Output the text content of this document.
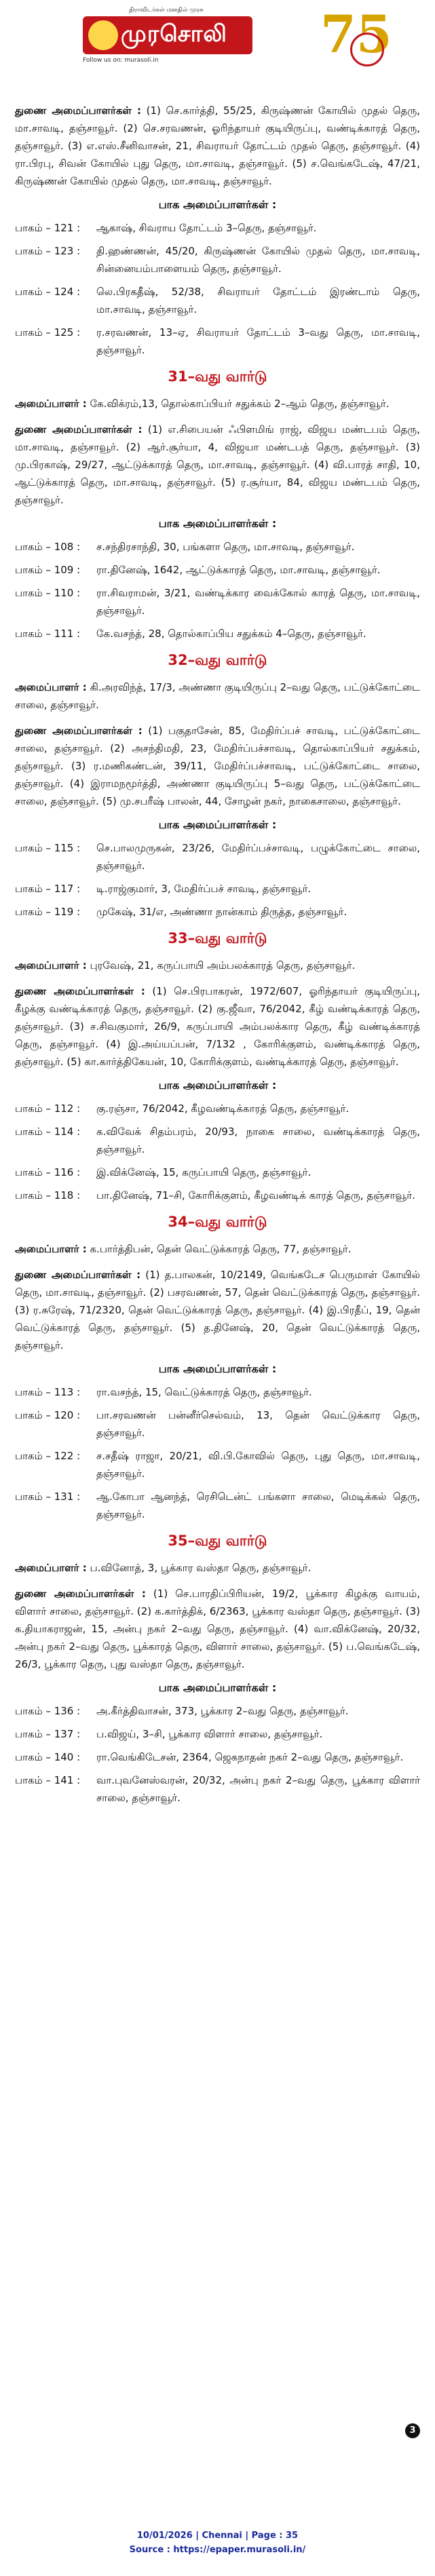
திராவிடர்கள் மனதில் முரசு
முரசொலி
Follow us on: murasoli.in	75

துணை அமைப்பாளர்கள் : (1) செ.கார்த்தி, 55/25, கிருஷ்ணன் கோயில் முதல் தெரு, மா.சாவடி, தஞ்சாவூர். (2) செ.சரவணன், ஓரிந்தாயர் குடியிருப்பு, வண்டிக்காரத் தெரு, தஞ்சாவூர். (3) எ.எஸ்.சீனிவாசன், 21, சிவராயர் தோட்டம் முதல் தெரு, தஞ்சாவூர். (4) ரா.பிரபு, சிவன் கோயில் புது தெரு, மா.சாவடி, தஞ்சாவூர். (5) ச.வெங்கடேஷ், 47/21, கிருஷ்ணன் கோயில் முதல் தெரு, மா.சாவடி, தஞ்சாவூர்.

பாக அமைப்பாளர்கள் :
பாகம் – 121 :	ஆகாஷ், சிவராய தோட்டம் 3–தெரு, தஞ்சாவூர்.
பாகம் – 123 :	தி.ஹண்ணன், 45/20, கிருஷ்ணன் கோயில் முதல் தெரு, மா.சாவடி, சின்னையம்பாளையம் தெரு, தஞ்சாவூர்.
பாகம் – 124 :	லெ.பிரகதீஷ், 52/38, சிவராயர் தோட்டம் இரண்டாம் தெரு, மா.சாவடி, தஞ்சாவூர்.
பாகம் – 125 :	ர.சரவணன், 13–ஏ, சிவராயர் தோட்டம் 3–வது தெரு, மா.சாவடி, தஞ்சாவூர்.
31–வது வார்டு

அமைப்பாளர் : கே.விக்ரம்,13, தொல்காப்பியர் சதுக்கம் 2–ஆம் தெரு, தஞ்சாவூர்.

துணை அமைப்பாளர்கள் : (1) எ.சிபையன் ஃபிளமிங் ராஜ், விஜய மண்டபம் தெரு, மா.சாவடி, தஞ்சாவூர். (2) ஆர்.சூர்யா, 4, விஜயா மண்டபத் தெரு, தஞ்சாவூர். (3) மு.பிரகாஷ், 29/27, ஆட்டுக்காரத் தெரு, மா.சாவடி, தஞ்சாவூர். (4) வி.பாரத் சாதி, 10, ஆட்டுக்காரத் தெரு, மா.சாவடி, தஞ்சாவூர். (5) ர.சூர்யா, 84, விஜய மண்டபம் தெரு, தஞ்சாவூர்.

பாக அமைப்பாளர்கள் :
பாகம் – 108 :	ச.சந்திரசாந்தி, 30, பங்களா தெரு, மா.சாவடி, தஞ்சாவூர்.
பாகம் – 109 :	ரா.தினேஷ், 1642, ஆட்டுக்காரத் தெரு, மா.சாவடி, தஞ்சாவூர்.
பாகம் – 110 :	ரா.சிவராமன், 3/21, வண்டிக்கார வைக்கோல் காரத் தெரு, மா.சாவடி, தஞ்சாவூர்.
பாகம் – 111 :	கே.வசந்த், 28, தொல்காப்பிய சதுக்கம் 4–தெரு, தஞ்சாவூர்.
32–வது வார்டு

அமைப்பாளர் : கி.அரவிந்த், 17/3, அண்ணா குடியிருப்பு 2–வது தெரு, பட்டுக்கோட்டை சாலை, தஞ்சாவூர்.

துணை அமைப்பாளர்கள் : (1) பகுதாசேன், 85, மேதிர்ப்பச் சாவடி, பட்டுக்கோட்டை சாலை, தஞ்சாவூர். (2) அசந்திமதி, 23, மேதிர்ப்பச்சாவடி, தொல்காப்பியர் சதுக்கம், தஞ்சாவூர். (3) ர.மணிகண்டன், 39/11, மேதிர்ப்பச்சாவடி, பட்டுக்கோட்டை சாலை, தஞ்சாவூர். (4) இராமநமூர்த்தி, அண்ணா குடியிருப்பு 5–வது தெரு, பட்டுக்கோட்டை சாலை, தஞ்சாவூர். (5) மு.சபரீஷ் பாலன், 44, சோழன் நகர், நாகைசாலை, தஞ்சாவூர்.

பாக அமைப்பாளர்கள் :
பாகம் – 115 :	செ.பாலமுருகன், 23/26, மேதிர்ப்பச்சாவடி, பழுக்கோட்டை சாலை, தஞ்சாவூர்.
பாகம் – 117 :	டி.ராஜ்குமார், 3, மேதிர்ப்பச் சாவடி, தஞ்சாவூர்.
பாகம் – 119 :	முகேஷ், 31/எ, அண்ணா நான்காம் திருத்த, தஞ்சாவூர்.
33–வது வார்டு

அமைப்பாளர் : புரவேஷ், 21, கருப்பாயி அம்பலக்காரத் தெரு, தஞ்சாவூர்.

துணை அமைப்பாளர்கள் : (1) செ.பிரபாகரன், 1972/607, ஓரிந்தாயர் குடியிருப்பு, கீழக்கு வண்டிக்காரத் தெரு, தஞ்சாவூர். (2) கு.ஜீவா, 76/2042, கீழ் வண்டிக்காரத் தெரு, தஞ்சாவூர். (3) ச.சிவகுமார், 26/9, கருப்பாயி அம்பலக்கார தெரு, கீழ் வண்டிக்காரத் தெரு, தஞ்சாவூர். (4) இ.அய்யப்பன், 7/132 , கோரிக்குளம், வண்டிக்காரத் தெரு, தஞ்சாவூர். (5) கா.கார்த்திகேயன், 10, கோரிக்குளம், வண்டிக்காரத் தெரு, தஞ்சாவூர்.

பாக அமைப்பாளர்கள் :
பாகம் – 112 :	கு.ரஞ்சா, 76/2042, கீழவண்டிக்காரத் தெரு, தஞ்சாவூர்.
பாகம் – 114 :	க.விவேக் சிதம்பரம், 20/93, நாகை சாலை, வண்டிக்காரத் தெரு, தஞ்சாவூர்.
பாகம் – 116 :	இ.விக்னேஷ், 15, கருப்பாயி தெரு, தஞ்சாவூர்.
பாகம் – 118 :	பா.தினேஷ், 71–சி, கோரிக்குளம், கீழவண்டிக் காரத் தெரு, தஞ்சாவூர்.
34–வது வார்டு

அமைப்பாளர் : க.பார்த்திபன், தென் வெட்டுக்காரத் தெரு, 77, தஞ்சாவூர்.

துணை அமைப்பாளர்கள் : (1) த.பாலகன், 10/2149, வெங்கடேச பெருமாள் கோயில் தெரு, மா.சாவடி, தஞ்சாவூர். (2) பசரவணன், 57, தென் வெட்டுக்காரத் தெரு, தஞ்சாவூர். (3) ர.சுரேஷ், 71/2320, தென் வெட்டுக்காரத் தெரு, தஞ்சாவூர். (4) இ.பிரதீப், 19, தென் வெட்டுக்காரத் தெரு, தஞ்சாவூர். (5) த.தினேஷ், 20, தென் வெட்டுக்காரத் தெரு, தஞ்சாவூர்.

பாக அமைப்பாளர்கள் :
பாகம் – 113 :	ரா.வசந்த், 15, வெட்டுக்காரத் தெரு, தஞ்சாவூர்.
பாகம் – 120 :	பா.சரவணன் பன்னீர்செல்வம், 13, தென் வெட்டுக்கார தெரு, தஞ்சாவூர்.
பாகம் – 122 :	ச.சதீஷ் ராஜா, 20/21, வி.பி.கோவில் தெரு, புது தெரு, மா.சாவடி, தஞ்சாவூர்.
பாகம் – 131 :	ஆ.கோபா ஆனந்த், ரெசிடென்ட் பங்களா சாலை, மெடிக்கல் தெரு, தஞ்சாவூர்.
35–வது வார்டு

அமைப்பாளர் : ப.வினோத், 3, பூக்கார வஸ்தா தெரு, தஞ்சாவூர்.

துணை அமைப்பாளர்கள் : (1) செ.பாரதிப்பிரியன், 19/2, பூக்கார கிழக்கு வாயம், விளார் சாலை, தஞ்சாவூர். (2) க.கார்த்திக், 6/2363, பூக்கார வஸ்தா தெரு, தஞ்சாவூர். (3) க.தியாகராஜன், 15, அன்பு நகர் 2–வது தெரு, தஞ்சாவூர். (4) வா.விக்னேஷ், 20/32, அன்பு நகர் 2–வது தெரு, பூக்காரத் தெரு, விளார் சாலை, தஞ்சாவூர். (5) ப.வெங்கடேஷ், 26/3, பூக்கார தெரு, புது வஸ்தா தெரு, தஞ்சாவூர்.

பாக அமைப்பாளர்கள் :
பாகம் – 136 :	அ.கீர்த்திவாசன், 373, பூக்கார 2–வது தெரு, தஞ்சாவூர்.
பாகம் – 137 :	ப.விஜய், 3–சி, பூக்கார விளார் சாலை, தஞ்சாவூர்.
பாகம் – 140 :	ரா.வெங்கிடேசன், 2364, ஜெகநாதன் நகர் 2–வது தெரு, தஞ்சாவூர்.
பாகம் – 141 :	வா.புவனேஸ்வரன், 20/32, அன்பு நகர் 2–வது தெரு, பூக்கார விளார் சாலை, தஞ்சாவூர்.
3
10/01/2026 | Chennai | Page : 35
Source : https://epaper.murasoli.in/
